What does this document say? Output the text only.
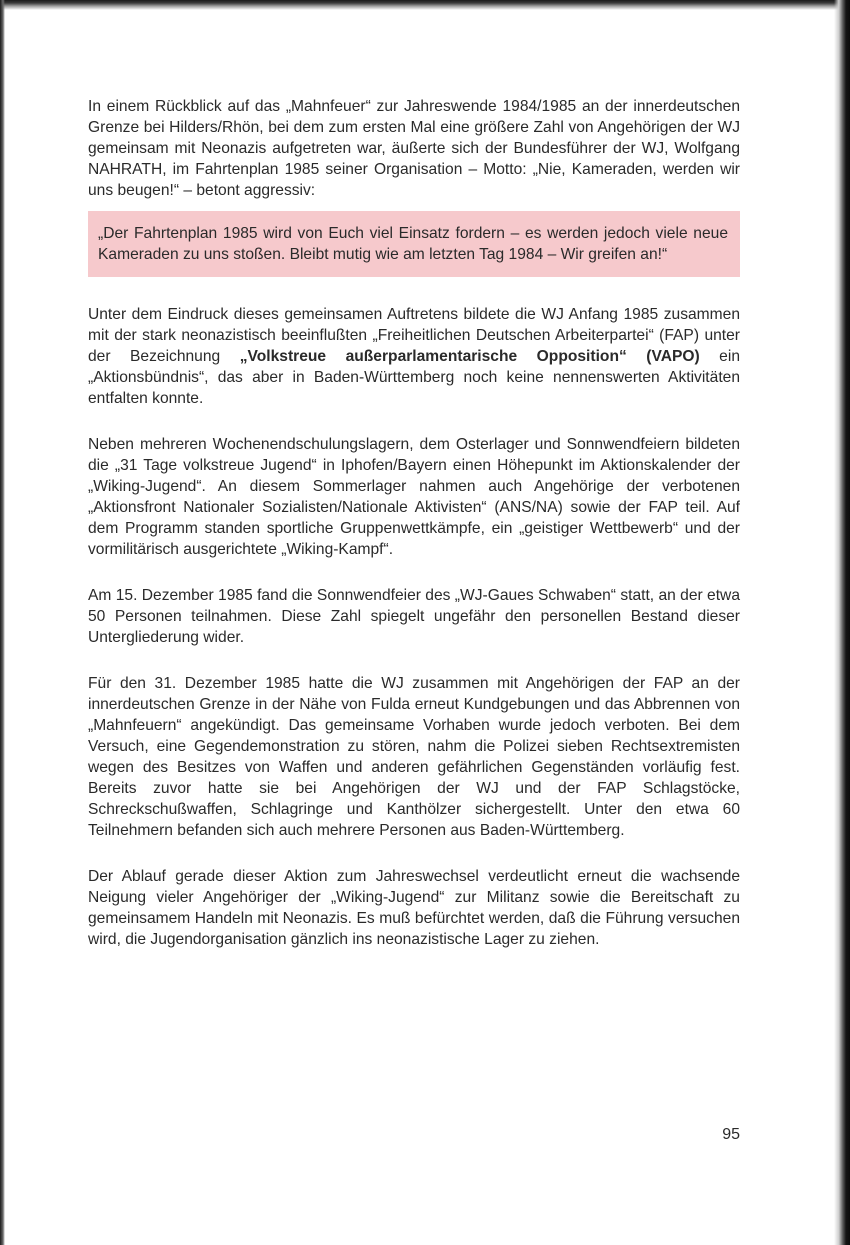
In einem Rückblick auf das „Mahnfeuer“ zur Jahreswende 1984/1985 an der innerdeutschen Grenze bei Hilders/Rhön, bei dem zum ersten Mal eine größere Zahl von Angehörigen der WJ gemeinsam mit Neonazis aufgetreten war, äußerte sich der Bundesführer der WJ, Wolfgang NAHRATH, im Fahrtenplan 1985 seiner Organisation – Motto: „Nie, Kameraden, werden wir uns beugen!“ – betont aggressiv:

„Der Fahrtenplan 1985 wird von Euch viel Einsatz fordern – es werden jedoch viele neue Kameraden zu uns stoßen. Bleibt mutig wie am letzten Tag 1984 – Wir greifen an!“

Unter dem Eindruck dieses gemeinsamen Auftretens bildete die WJ Anfang 1985 zusammen mit der stark neonazistisch beeinflußten „Freiheitlichen Deutschen Arbeiterpartei“ (FAP) unter der Bezeichnung „Volkstreue außerparlamentarische Opposition“ (VAPO) ein „Aktionsbündnis“, das aber in Baden-Württemberg noch keine nennenswerten Aktivitäten entfalten konnte.

Neben mehreren Wochenendschulungslagern, dem Osterlager und Sonnwendfeiern bildeten die „31 Tage volkstreue Jugend“ in Iphofen/Bayern einen Höhepunkt im Aktionskalender der „Wiking-Jugend“. An diesem Sommerlager nahmen auch Angehörige der verbotenen „Aktionsfront Nationaler Sozialisten/Nationale Aktivisten“ (ANS/NA) sowie der FAP teil. Auf dem Programm standen sportliche Gruppenwettkämpfe, ein „geistiger Wettbewerb“ und der vormilitärisch ausgerichtete „Wiking-Kampf“.

Am 15. Dezember 1985 fand die Sonnwendfeier des „WJ-Gaues Schwaben“ statt, an der etwa 50 Personen teilnahmen. Diese Zahl spiegelt ungefähr den personellen Bestand dieser Untergliederung wider.

Für den 31. Dezember 1985 hatte die WJ zusammen mit Angehörigen der FAP an der innerdeutschen Grenze in der Nähe von Fulda erneut Kundgebungen und das Abbrennen von „Mahnfeuern“ angekündigt. Das gemeinsame Vorhaben wurde jedoch verboten. Bei dem Versuch, eine Gegendemonstration zu stören, nahm die Polizei sieben Rechtsextremisten wegen des Besitzes von Waffen und anderen gefährlichen Gegenständen vorläufig fest. Bereits zuvor hatte sie bei Angehörigen der WJ und der FAP Schlagstöcke, Schreckschußwaffen, Schlagringe und Kanthölzer sichergestellt. Unter den etwa 60 Teilnehmern befanden sich auch mehrere Personen aus Baden-Württemberg.

Der Ablauf gerade dieser Aktion zum Jahreswechsel verdeutlicht erneut die wachsende Neigung vieler Angehöriger der „Wiking-Jugend“ zur Militanz sowie die Bereitschaft zu gemeinsamem Handeln mit Neonazis. Es muß befürchtet werden, daß die Führung versuchen wird, die Jugendorganisation gänzlich ins neonazistische Lager zu ziehen.

95
